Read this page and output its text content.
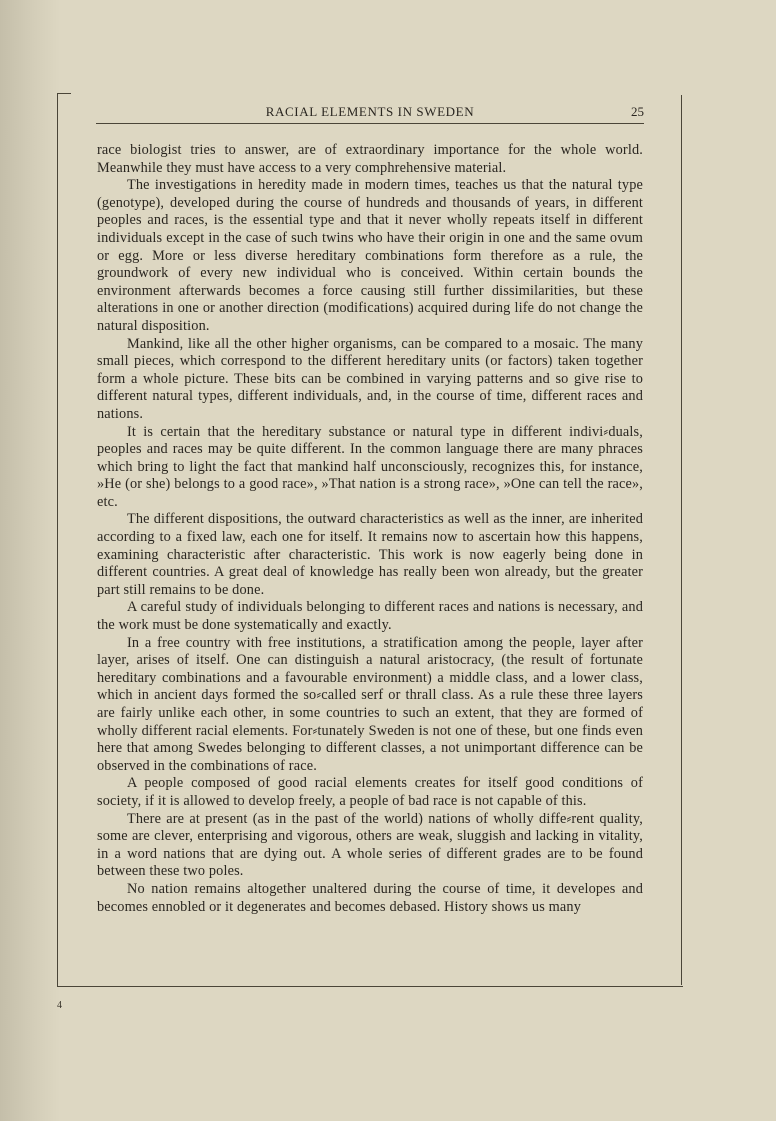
RACIAL ELEMENTS IN SWEDEN	25

race biologist tries to answer, are of extraordinary importance for the whole world. Meanwhile they must have access to a very comphrehensive material.

The investigations in heredity made in modern times, teaches us that the natural type (genotype), developed during the course of hundreds and thousands of years, in different peoples and races, is the essential type and that it never wholly repeats itself in different individuals except in the case of such twins who have their origin in one and the same ovum or egg. More or less diverse hereditary combinations form therefore as a rule, the groundwork of every new individual who is conceived. Within certain bounds the environment afterwards becomes a force causing still further dissimilarities, but these alterations in one or another direction (modifications) acquired during life do not change the natural disposition.

Mankind, like all the other higher organisms, can be compared to a mosaic. The many small pieces, which correspond to the different hereditary units (or factors) taken together form a whole picture. These bits can be combined in varying patterns and so give rise to different natural types, different individuals, and, in the course of time, different races and nations.

It is certain that the hereditary substance or natural type in different indivi⸗duals, peoples and races may be quite different. In the common language there are many phraces which bring to light the fact that mankind half unconsciously, recognizes this, for instance, »He (or she) belongs to a good race», »That nation is a strong race», »One can tell the race», etc.

The different dispositions, the outward characteristics as well as the inner, are inherited according to a fixed law, each one for itself. It remains now to ascertain how this happens, examining characteristic after characteristic. This work is now eagerly being done in different countries. A great deal of knowledge has really been won already, but the greater part still remains to be done.

A careful study of individuals belonging to different races and nations is necessary, and the work must be done systematically and exactly.

In a free country with free institutions, a stratification among the people, layer after layer, arises of itself. One can distinguish a natural aristocracy, (the result of fortunate hereditary combinations and a favourable environment) a middle class, and a lower class, which in ancient days formed the so⸗called serf or thrall class. As a rule these three layers are fairly unlike each other, in some countries to such an extent, that they are formed of wholly different racial elements. For⸗tunately Sweden is not one of these, but one finds even here that among Swedes belonging to different classes, a not unimportant difference can be observed in the combinations of race.

A people composed of good racial elements creates for itself good conditions of society, if it is allowed to develop freely, a people of bad race is not capable of this.

There are at present (as in the past of the world) nations of wholly diffe⸗rent quality, some are clever, enterprising and vigorous, others are weak, sluggish and lacking in vitality, in a word nations that are dying out. A whole series of different grades are to be found between these two poles.

No nation remains altogether unaltered during the course of time, it developes and becomes ennobled or it degenerates and becomes debased. History shows us many

4
